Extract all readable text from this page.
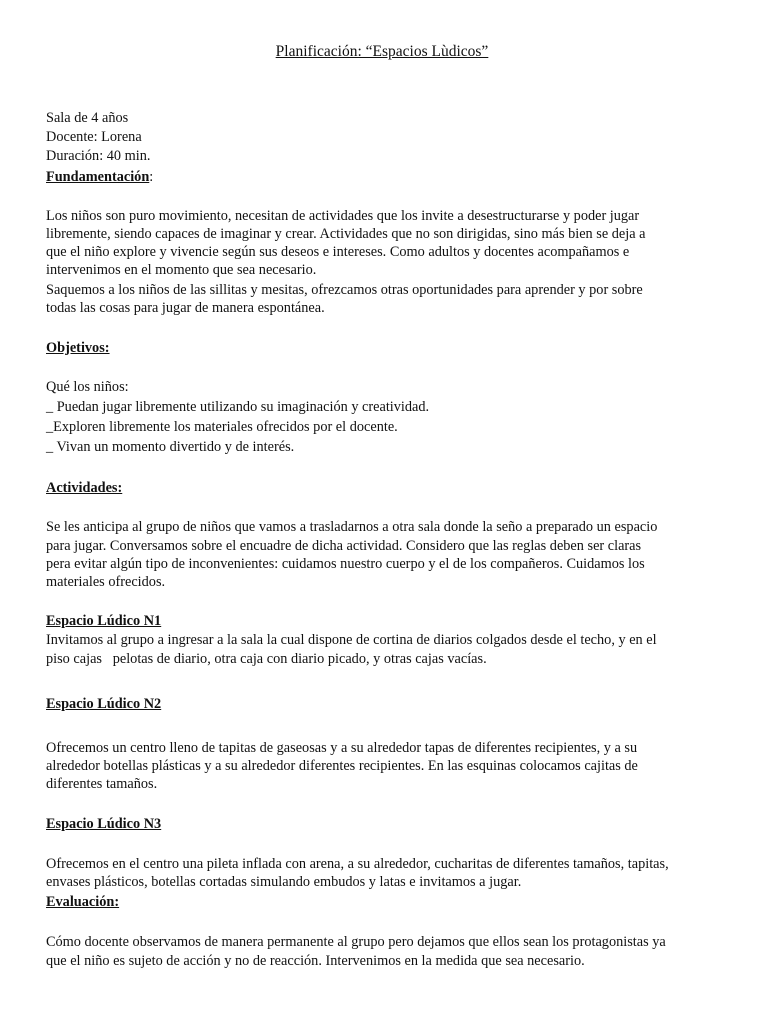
Planificación: “Espacios Lùdicos”
Sala de 4 años
Docente: Lorena
Duración: 40 min.
Fundamentación:
Los niños son puro movimiento, necesitan de actividades que los invite a desestructurarse y poder jugar
libremente, siendo capaces de imaginar y crear. Actividades que no son dirigidas, sino más bien se deja a
que el niño explore y vivencie según sus deseos e intereses. Como adultos y docentes acompañamos e
intervenimos en el momento que sea necesario.
Saquemos a los niños de las sillitas y mesitas, ofrezcamos otras oportunidades para aprender y por sobre
todas las cosas para jugar de manera espontánea.
Objetivos:
Qué los niños:
_ Puedan jugar libremente utilizando su imaginación y creatividad.
_Exploren libremente los materiales ofrecidos por el docente.
_ Vivan un momento divertido y de interés.
Actividades:
Se les anticipa al grupo de niños que vamos a trasladarnos a otra sala donde la seño a preparado un espacio
para jugar. Conversamos sobre el encuadre de dicha actividad. Considero que las reglas deben ser claras
pera evitar algún tipo de inconvenientes: cuidamos nuestro cuerpo y el de los compañeros. Cuidamos los
materiales ofrecidos.
Espacio Lúdico N1
Invitamos al grupo a ingresar a la sala la cual dispone de cortina de diarios colgados desde el techo, y en el
piso cajas   pelotas de diario, otra caja con diario picado, y otras cajas vacías.
Espacio Lúdico N2
Ofrecemos un centro lleno de tapitas de gaseosas y a su alrededor tapas de diferentes recipientes, y a su
alrededor botellas plásticas y a su alrededor diferentes recipientes. En las esquinas colocamos cajitas de
diferentes tamaños.
Espacio Lúdico N3
Ofrecemos en el centro una pileta inflada con arena, a su alrededor, cucharitas de diferentes tamaños, tapitas,
envases plásticos, botellas cortadas simulando embudos y latas e invitamos a jugar.
Evaluación:
Cómo docente observamos de manera permanente al grupo pero dejamos que ellos sean los protagonistas ya
que el niño es sujeto de acción y no de reacción. Intervenimos en la medida que sea necesario.
